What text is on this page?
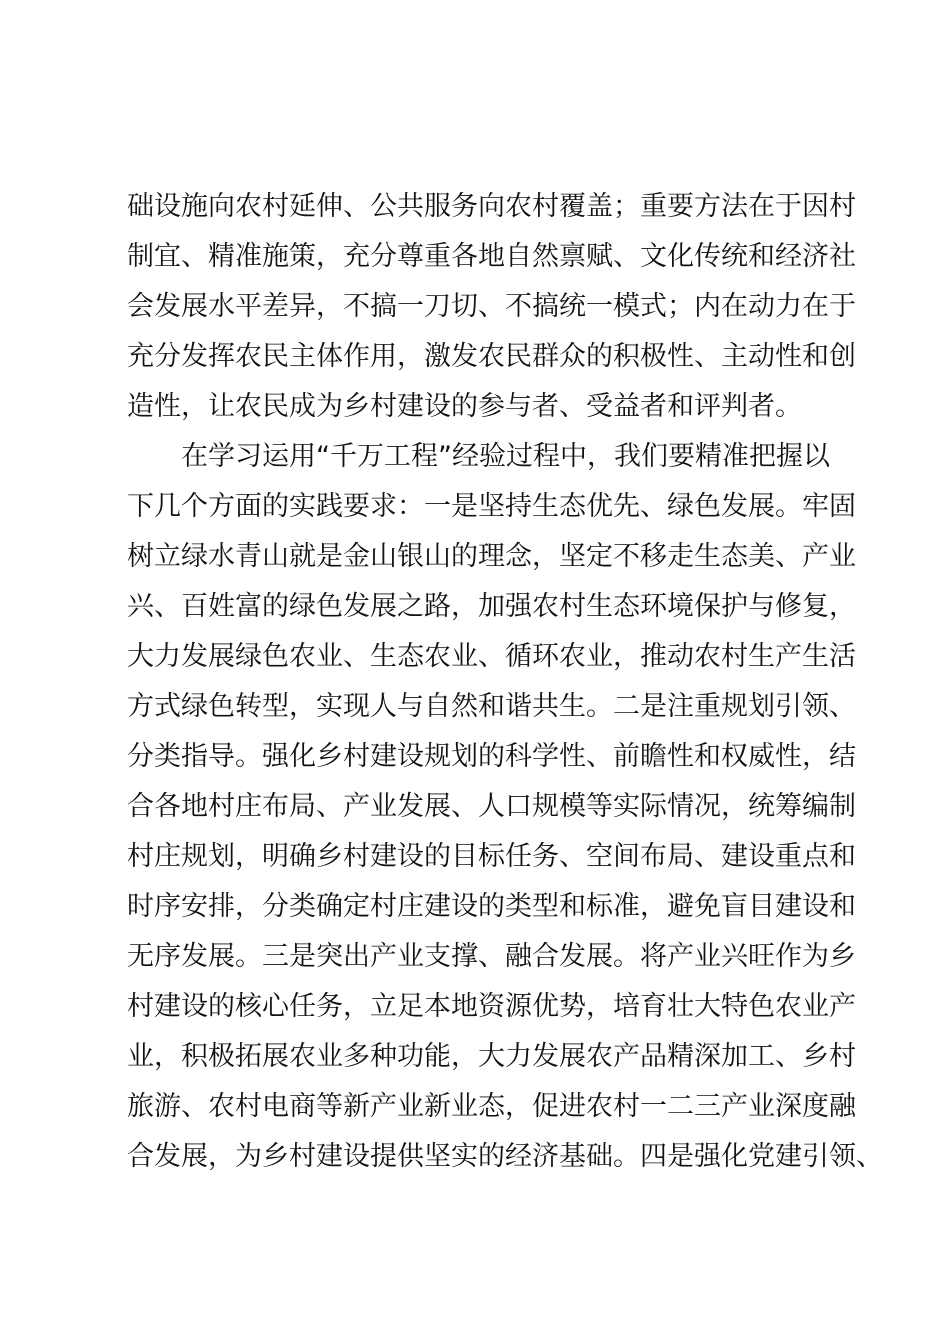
础设施向农村延伸、公共服务向农村覆盖；重要方法在于因村
制宜、精准施策，充分尊重各地自然禀赋、文化传统和经济社
会发展水平差异，不搞一刀切、不搞统一模式；内在动力在于
充分发挥农民主体作用，激发农民群众的积极性、主动性和创
造性，让农民成为乡村建设的参与者、受益者和评判者。
在学习运用“千万工程”经验过程中，我们要精准把握以
下几个方面的实践要求：一是坚持生态优先、绿色发展。牢固
树立绿水青山就是金山银山的理念，坚定不移走生态美、产业
兴、百姓富的绿色发展之路，加强农村生态环境保护与修复，
大力发展绿色农业、生态农业、循环农业，推动农村生产生活
方式绿色转型，实现人与自然和谐共生。二是注重规划引领、
分类指导。强化乡村建设规划的科学性、前瞻性和权威性，结
合各地村庄布局、产业发展、人口规模等实际情况，统筹编制
村庄规划，明确乡村建设的目标任务、空间布局、建设重点和
时序安排，分类确定村庄建设的类型和标准，避免盲目建设和
无序发展。三是突出产业支撑、融合发展。将产业兴旺作为乡
村建设的核心任务，立足本地资源优势，培育壮大特色农业产
业，积极拓展农业多种功能，大力发展农产品精深加工、乡村
旅游、农村电商等新产业新业态，促进农村一二三产业深度融
合发展，为乡村建设提供坚实的经济基础。四是强化党建引领、
